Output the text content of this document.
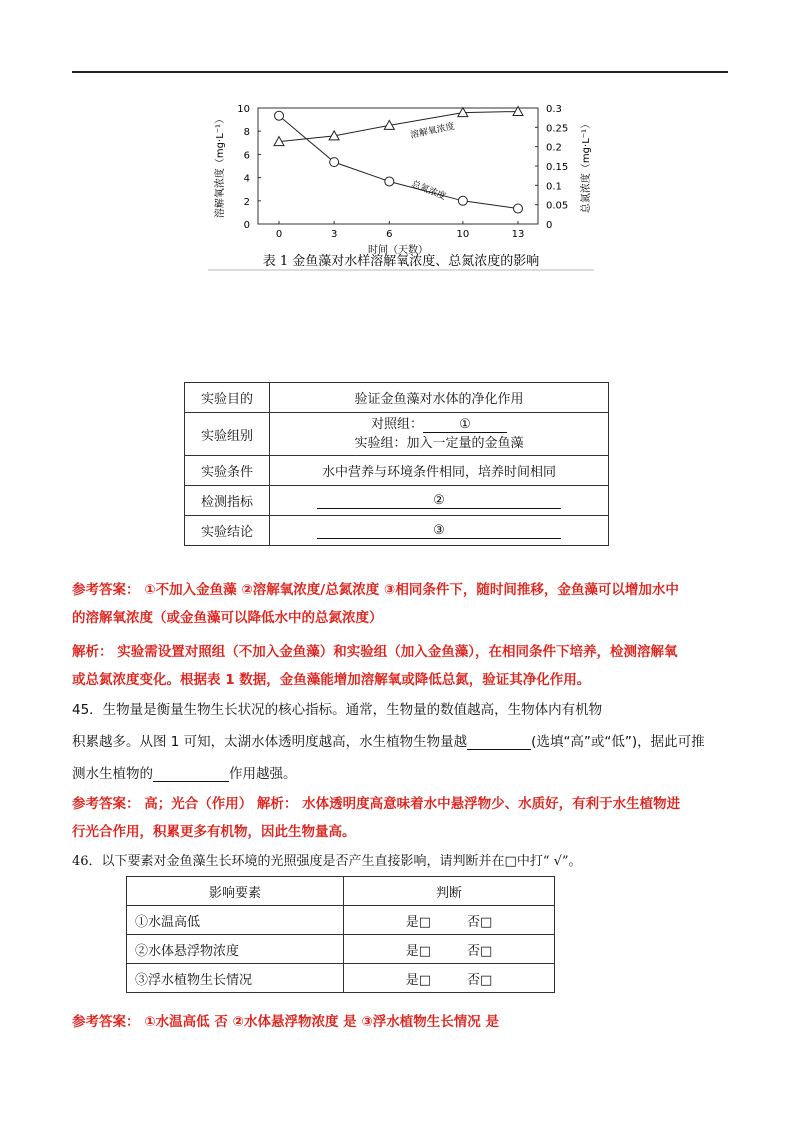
0
2
4
6
8
10
0
0.05
0.1
0.15
0.2
0.25
0.3
0	3	6	10	13
时间（天数）
溶解氧浓度（mg·L⁻¹）	总氮浓度（mg·L⁻¹）
溶解氧浓度
总氮浓度
表 1 金鱼藻对水样溶解氧浓度、总氮浓度的影响
实验目的	验证金鱼藻对水体的净化作用
实验组别	对照组： ①
实验组：加入一定量的金鱼藻

实验条件	水中营养与环境条件相同，培养时间相同
检测指标	②
实验结论	③
参考答案： ①不加入金鱼藻 ②溶解氧浓度/总氮浓度 ③相同条件下，随时间推移，金鱼藻可以增加水中
的溶解氧浓度（或金鱼藻可以降低水中的总氮浓度）
解析： 实验需设置对照组（不加入金鱼藻）和实验组（加入金鱼藻），在相同条件下培养，检测溶解氧
或总氮浓度变化。根据表 1 数据，金鱼藻能增加溶解氧或降低总氮，验证其净化作用。
45．生物量是衡量生物生长状况的核心指标。通常，生物量的数值越高，生物体内有机物
积累越多。从图 1 可知，太湖水体透明度越高，水生植物生物量越	(选填“高”或“低”)，据此可推
测水生植物的	作用越强。
参考答案： 高；光合（作用） 解析： 水体透明度高意味着水中悬浮物少、水质好，有利于水生植物进
行光合作用，积累更多有机物，因此生物量高。
46．以下要素对金鱼藻生长环境的光照强度是否产生直接影响，请判断并在□中打“ √”。
影响要素	判断
①水温高低	是□ 否□
②水体悬浮物浓度	是□ 否□
③浮水植物生长情况	是□ 否□
参考答案： ①水温高低 否 ②水体悬浮物浓度 是 ③浮水植物生长情况 是
